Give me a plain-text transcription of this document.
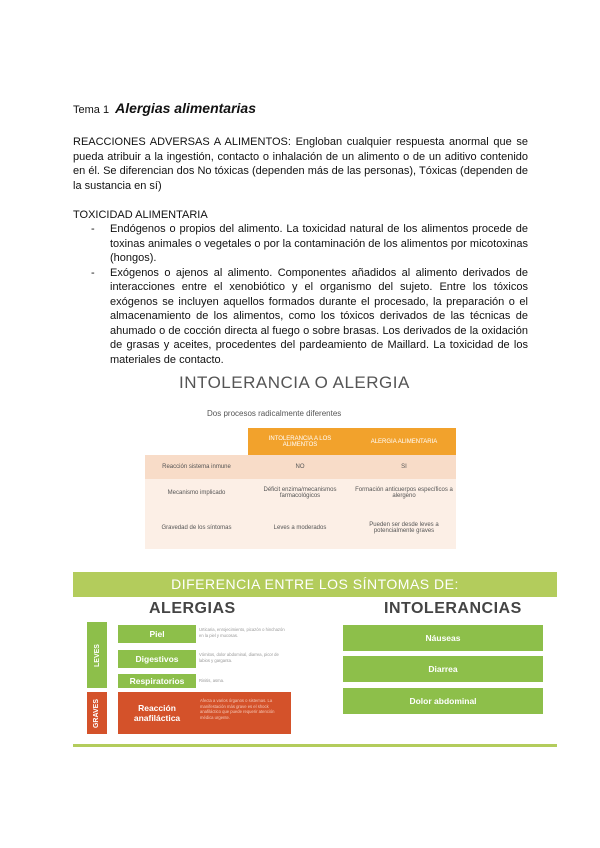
Tema 1 Alergias alimentarias
REACCIONES ADVERSAS A ALIMENTOS: Engloban cualquier respuesta anormal que se pueda atribuir a la ingestión, contacto o inhalación de un alimento o de un aditivo contenido en él. Se diferencian dos No tóxicas (dependen más de las personas), Tóxicas (dependen de la sustancia en sí)
TOXICIDAD ALIMENTARIA
- Endógenos o propios del alimento. La toxicidad natural de los alimentos procede de toxinas animales o vegetales o por la contaminación de los alimentos por micotoxinas (hongos).
- Exógenos o ajenos al alimento. Componentes añadidos al alimento derivados de interacciones entre el xenobiótico y el organismo del sujeto. Entre los tóxicos exógenos se incluyen aquellos formados durante el procesado, la preparación o el almacenamiento de los alimentos, como los tóxicos derivados de las técnicas de ahumado o de cocción directa al fuego o sobre brasas. Los derivados de la oxidación de grasas y aceites, procedentes del pardeamiento de Maillard. La toxicidad de los materiales de contacto.
INTOLERANCIA O ALERGIA
Dos procesos radicalmente diferentes
	INTOLERANCIA A LOS ALIMENTOS	ALERGIA ALIMENTARIA
Reacción sistema inmune	NO	SI
Mecanismo implicado	Déficit enzima/mecanismos farmacológicos	Formación anticuerpos específicos a alergeno
Gravedad de los síntomas	Leves a moderados	Pueden ser desde leves a potencialmente graves
DIFERENCIA ENTRE LOS SÍNTOMAS DE:
ALERGIAS	INTOLERANCIAS
LEVES
GRAVES
Piel	Urticaria, enrojecimiento, picazón o hinchazón en la piel y mucosas.
Digestivos	Vómitos, dolor abdominal, diarrea, picor de labios y garganta.
Respiratorios	Rinitis, asma.
Reacción anafiláctica
Afecta a varios órganos o sistemas. La manifestación más grave es el shock anafiláctico que puede requerir atención médica urgente.
Náuseas
Diarrea
Dolor abdominal
